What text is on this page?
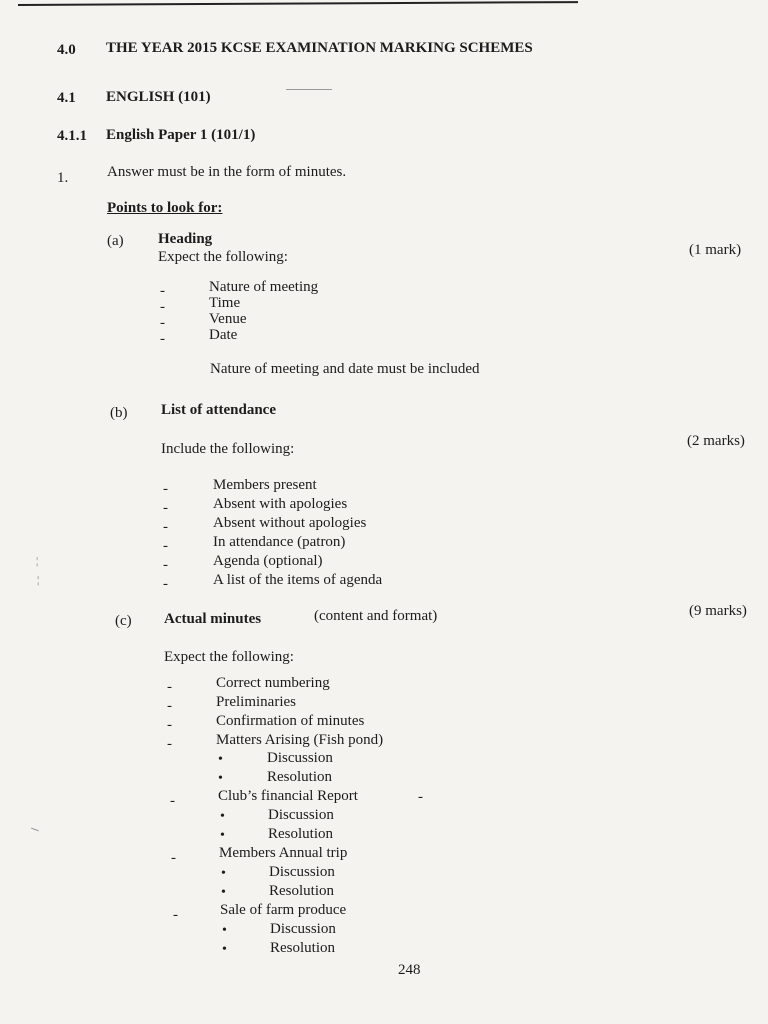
4.0 THE YEAR 2015 KCSE EXAMINATION MARKING SCHEMES
4.1 ENGLISH (101)
4.1.1 English Paper 1 (101/1)
1.	Answer must be in the form of minutes.
Points to look for:
(a) Heading
Expect the following:	(1 mark)
-	Nature of meeting
-	Time
-	Venue
-	Date
Nature of meeting and date must be included
(b) List of attendance
Include the following:	(2 marks)
-	Members present
-	Absent with apologies
-	Absent without apologies
-	In attendance (patron)
-	Agenda (optional)
-	A list of the items of agenda
(c) Actual minutes	(content and format)	(9 marks)
Expect the following:
-	Correct numbering
-	Preliminaries
-	Confirmation of minutes
-	Matters Arising (Fish pond)
•	Discussion
•	Resolution
-	Club’s financial Report	-
•	Discussion
•	Resolution
-	Members Annual trip
•	Discussion
•	Resolution
-	Sale of farm produce
•	Discussion
•	Resolution
248
¦
¦
